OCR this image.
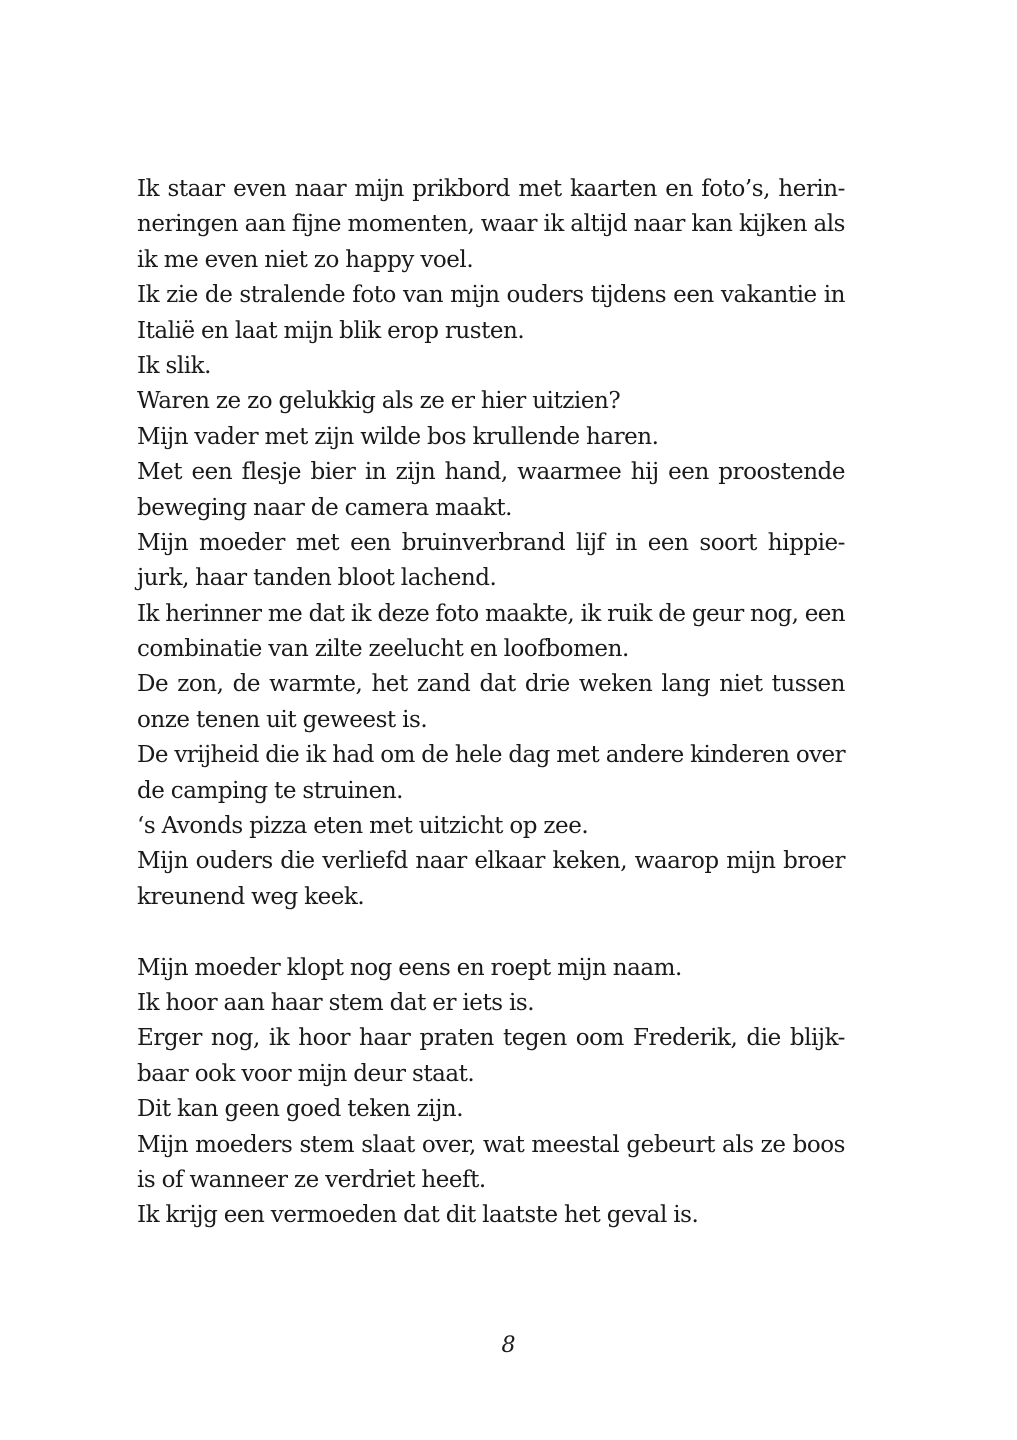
Ik staar even naar mijn prikbord met kaarten en foto’s, herin-
neringen aan fijne momenten, waar ik altijd naar kan kijken als
ik me even niet zo happy voel.
Ik zie de stralende foto van mijn ouders tijdens een vakantie in
Italië en laat mijn blik erop rusten.
Ik slik.
Waren ze zo gelukkig als ze er hier uitzien?
Mijn vader met zijn wilde bos krullende haren.
Met een flesje bier in zijn hand, waarmee hij een proostende
beweging naar de camera maakt.
Mijn moeder met een bruinverbrand lijf in een soort hippie-
jurk, haar tanden bloot lachend.
Ik herinner me dat ik deze foto maakte, ik ruik de geur nog, een
combinatie van zilte zeelucht en loofbomen.
De zon, de warmte, het zand dat drie weken lang niet tussen
onze tenen uit geweest is.
De vrijheid die ik had om de hele dag met andere kinderen over
de camping te struinen.
‘s Avonds pizza eten met uitzicht op zee.
Mijn ouders die verliefd naar elkaar keken, waarop mijn broer
kreunend weg keek.
Mijn moeder klopt nog eens en roept mijn naam.
Ik hoor aan haar stem dat er iets is.
Erger nog, ik hoor haar praten tegen oom Frederik, die blijk-
baar ook voor mijn deur staat.
Dit kan geen goed teken zijn.
Mijn moeders stem slaat over, wat meestal gebeurt als ze boos
is of wanneer ze verdriet heeft.
Ik krijg een vermoeden dat dit laatste het geval is.
8
